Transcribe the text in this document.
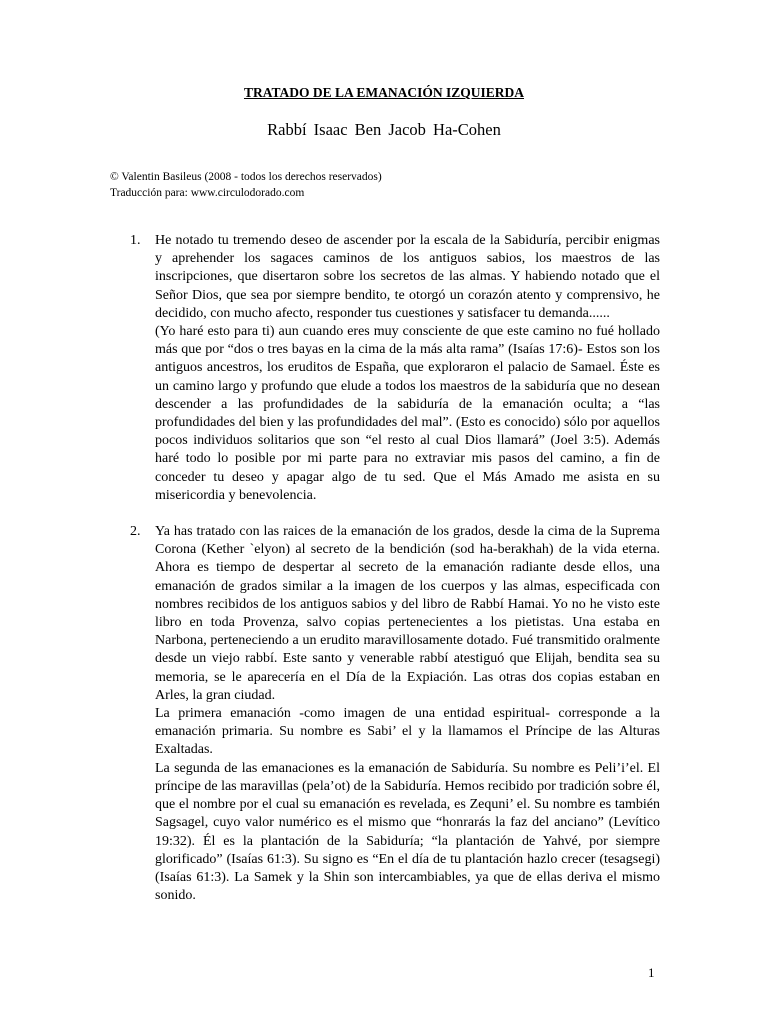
TRATADO DE LA EMANACIÓN IZQUIERDA

Rabbí Isaac Ben Jacob Ha-Cohen

© Valentin Basileus (2008 - todos los derechos reservados)
Traducción para: www.circulodorado.com
1. He notado tu tremendo deseo de ascender por la escala de la Sabiduría, percibir enigmas y aprehender los sagaces caminos de los antiguos sabios, los maestros de las inscripciones, que disertaron sobre los secretos de las almas. Y habiendo notado que el Señor Dios, que sea por siempre bendito, te otorgó un corazón atento y comprensivo, he decidido, con mucho afecto, responder tus cuestiones y satisfacer tu demanda......

(Yo haré esto para ti) aun cuando eres muy consciente de que este camino no fué hollado más que por “dos o tres bayas en la cima de la más alta rama” (Isaías 17:6)- Estos son los antiguos ancestros, los eruditos de España, que exploraron el palacio de Samael. Éste es un camino largo y profundo que elude a todos los maestros de la sabiduría que no desean descender a las profundidades de la sabiduría de la emanación oculta; a “las profundidades del bien y las profundidades del mal”. (Esto es conocido) sólo por aquellos pocos individuos solitarios que son “el resto al cual Dios llamará” (Joel 3:5). Además haré todo lo posible por mi parte para no extraviar mis pasos del camino, a fin de conceder tu deseo y apagar algo de tu sed. Que el Más Amado me asista en su misericordia y benevolencia.

2. Ya has tratado con las raices de la emanación de los grados, desde la cima de la Suprema Corona (Kether `elyon) al secreto de la bendición (sod ha-berakhah) de la vida eterna. Ahora es tiempo de despertar al secreto de la emanación radiante desde ellos, una emanación de grados similar a la imagen de los cuerpos y las almas, especificada con nombres recibidos de los antiguos sabios y del libro de Rabbí Hamai. Yo no he visto este libro en toda Provenza, salvo copias pertenecientes a los pietistas. Una estaba en Narbona, perteneciendo a un erudito maravillosamente dotado. Fué transmitido oralmente desde un viejo rabbí. Este santo y venerable rabbí atestiguó que Elijah, bendita sea su memoria, se le aparecería en el Día de la Expiación. Las otras dos copias estaban en Arles, la gran ciudad.

La primera emanación -como imagen de una entidad espiritual- corresponde a la emanación primaria. Su nombre es Sabi’ el y la llamamos el Príncipe de las Alturas Exaltadas.

La segunda de las emanaciones es la emanación de Sabiduría. Su nombre es Peli’i’el. El príncipe de las maravillas (pela’ot) de la Sabiduría. Hemos recibido por tradición sobre él, que el nombre por el cual su emanación es revelada, es Zequni’ el. Su nombre es también Sagsagel, cuyo valor numérico es el mismo que “honrarás la faz del anciano” (Levítico 19:32). Él es la plantación de la Sabiduría; “la plantación de Yahvé, por siempre glorificado” (Isaías 61:3). Su signo es “En el día de tu plantación hazlo crecer (tesagsegi) (Isaías 61:3). La Samek y la Shin son intercambiables, ya que de ellas deriva el mismo sonido.

1
